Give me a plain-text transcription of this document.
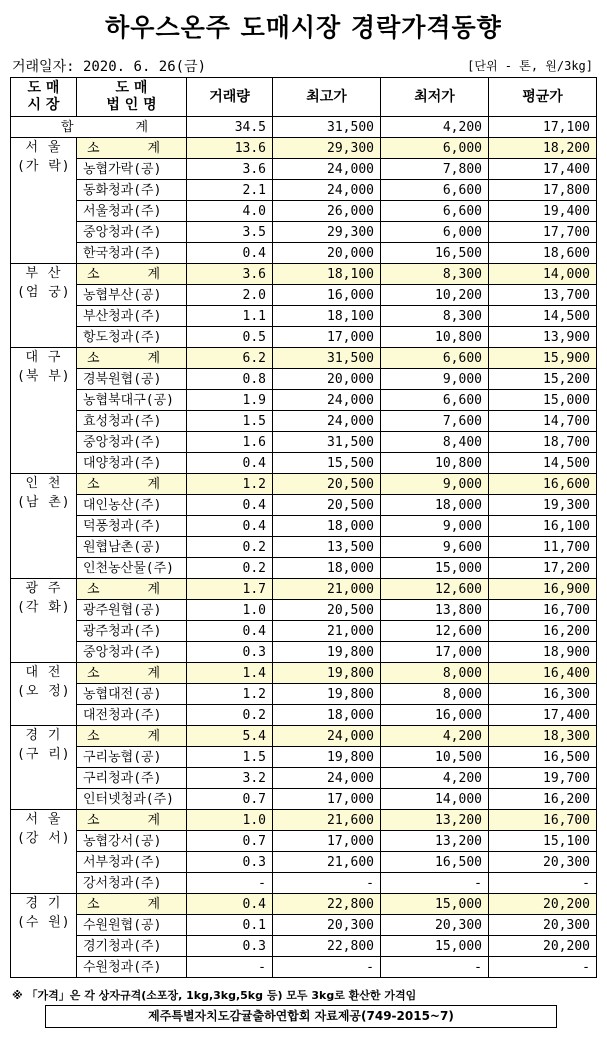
하우스온주 도매시장 경락가격동향
거래일자: 2020. 6. 26(금)	[단위 - 톤, 원/3kg]
도 매
시 장	도 매
법 인 명	거래량	최고가	최저가	평균가

합 계		34.5	31,500	4,200	17,100
서 울
(가 락)	소 계	13.6	29,300	6,000	18,200
	농협가락(공)	3.6	24,000	7,800	17,400
	동화청과(주)	2.1	24,000	6,600	17,800
	서울청과(주)	4.0	26,000	6,600	19,400
	중앙청과(주)	3.5	29,300	6,000	17,700
	한국청과(주)	0.4	20,000	16,500	18,600
부 산
(엄 궁)	소 계	3.6	18,100	8,300	14,000
	농협부산(공)	2.0	16,000	10,200	13,700
	부산청과(주)	1.1	18,100	8,300	14,500
	항도청과(주)	0.5	17,000	10,800	13,900
대 구
(북 부)	소 계	6.2	31,500	6,600	15,900
	경북원협(공)	0.8	20,000	9,000	15,200
	농협북대구(공)	1.9	24,000	6,600	15,000
	효성청과(주)	1.5	24,000	7,600	14,700
	중앙청과(주)	1.6	31,500	8,400	18,700
	대양청과(주)	0.4	15,500	10,800	14,500
인 천
(남 촌)	소 계	1.2	20,500	9,000	16,600
	대인농산(주)	0.4	20,500	18,000	19,300
	덕풍청과(주)	0.4	18,000	9,000	16,100
	원협남촌(공)	0.2	13,500	9,600	11,700
	인천농산물(주)	0.2	18,000	15,000	17,200
광 주
(각 화)	소 계	1.7	21,000	12,600	16,900
	광주원협(공)	1.0	20,500	13,800	16,700
	광주청과(주)	0.4	21,000	12,600	16,200
	중앙청과(주)	0.3	19,800	17,000	18,900
대 전
(오 정)	소 계	1.4	19,800	8,000	16,400
	농협대전(공)	1.2	19,800	8,000	16,300
	대전청과(주)	0.2	18,000	16,000	17,400
경 기
(구 리)	소 계	5.4	24,000	4,200	18,300
	구리농협(공)	1.5	19,800	10,500	16,500
	구리청과(주)	3.2	24,000	4,200	19,700
	인터넷청과(주)	0.7	17,000	14,000	16,200
서 울
(강 서)	소 계	1.0	21,600	13,200	16,700
	농협강서(공)	0.7	17,000	13,200	15,100
	서부청과(주)	0.3	21,600	16,500	20,300
	강서청과(주)	-	-	-	-
경 기
(수 원)	소 계	0.4	22,800	15,000	20,200
	수원원협(공)	0.1	20,300	20,300	20,300
	경기청과(주)	0.3	22,800	15,000	20,200
	수원청과(주)	-	-	-	-
※ 「가격」은 각 상자규격(소포장, 1kg,3kg,5kg 등) 모두 3kg로 환산한 가격임
제주특별자치도감귤출하연합회 자료제공(749-2015~7)
